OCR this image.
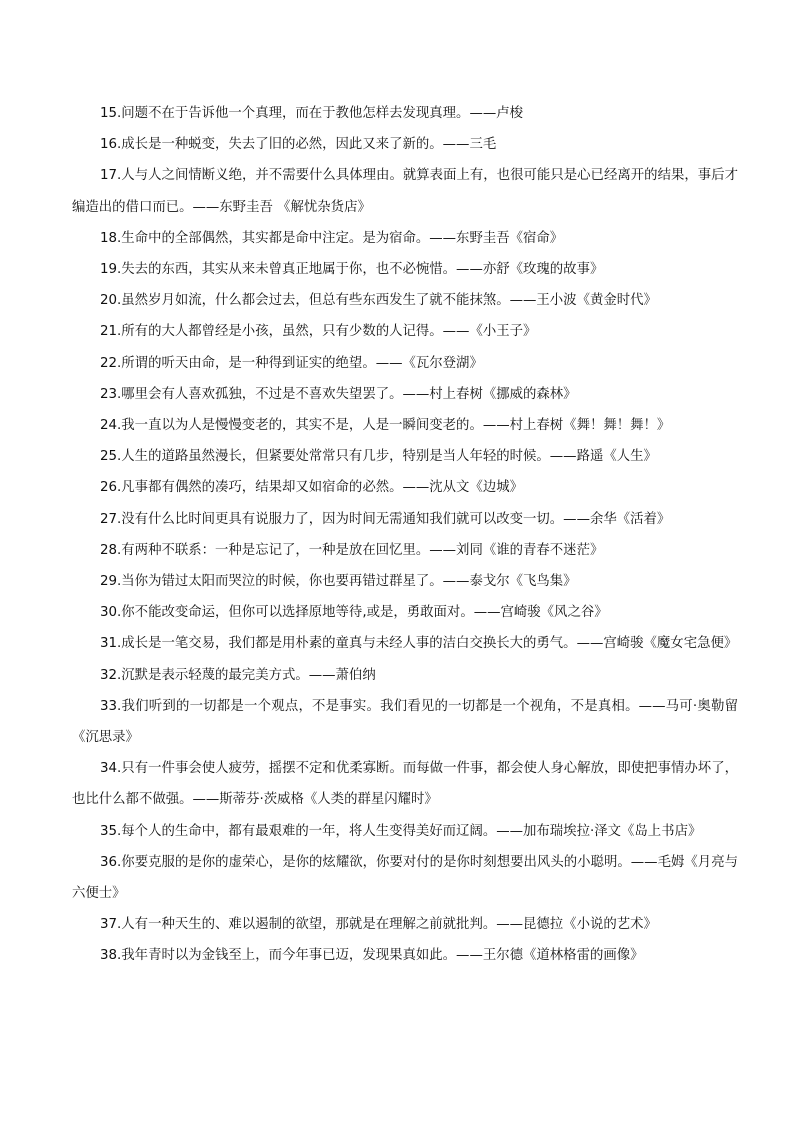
15.问题不在于告诉他一个真理，而在于教他怎样去发现真理。——卢梭

16.成长是一种蜕变，失去了旧的必然，因此又来了新的。——三毛

17.人与人之间情断义绝，并不需要什么具体理由。就算表面上有，也很可能只是心已经离开的结果，事后才编造出的借口而已。——东野圭吾 《解忧杂货店》

18.生命中的全部偶然，其实都是命中注定。是为宿命。——东野圭吾《宿命》

19.失去的东西，其实从来未曾真正地属于你，也不必惋惜。——亦舒《玫瑰的故事》

20.虽然岁月如流，什么都会过去，但总有些东西发生了就不能抹煞。——王小波《黄金时代》

21.所有的大人都曾经是小孩，虽然，只有少数的人记得。——《小王子》

22.所谓的听天由命，是一种得到证实的绝望。——《瓦尔登湖》

23.哪里会有人喜欢孤独，不过是不喜欢失望罢了。——村上春树《挪威的森林》

24.我一直以为人是慢慢变老的，其实不是，人是一瞬间变老的。——村上春树《舞！舞！舞！》

25.人生的道路虽然漫长，但紧要处常常只有几步，特别是当人年轻的时候。——路遥《人生》

26.凡事都有偶然的凑巧，结果却又如宿命的必然。——沈从文《边城》

27.没有什么比时间更具有说服力了，因为时间无需通知我们就可以改变一切。——余华《活着》

28.有两种不联系：一种是忘记了，一种是放在回忆里。——刘同《谁的青春不迷茫》

29.当你为错过太阳而哭泣的时候，你也要再错过群星了。——泰戈尔《飞鸟集》

30.你不能改变命运，但你可以选择原地等待,或是，勇敢面对。——宫崎骏《风之谷》

31.成长是一笔交易，我们都是用朴素的童真与未经人事的洁白交换长大的勇气。——宫崎骏《魔女宅急便》

32.沉默是表示轻蔑的最完美方式。——萧伯纳

33.我们听到的一切都是一个观点，不是事实。我们看见的一切都是一个视角，不是真相。——马可·奥勒留《沉思录》

34.只有一件事会使人疲劳，摇摆不定和优柔寡断。而每做一件事，都会使人身心解放，即使把事情办坏了，也比什么都不做强。——斯蒂芬·茨威格《人类的群星闪耀时》

35.每个人的生命中，都有最艰难的一年，将人生变得美好而辽阔。——加布瑞埃拉·泽文《岛上书店》

36.你要克服的是你的虚荣心，是你的炫耀欲，你要对付的是你时刻想要出风头的小聪明。——毛姆《月亮与六便士》

37.人有一种天生的、难以遏制的欲望，那就是在理解之前就批判。——昆德拉《小说的艺术》

38.我年青时以为金钱至上，而今年事已迈，发现果真如此。——王尔德《道林格雷的画像》
